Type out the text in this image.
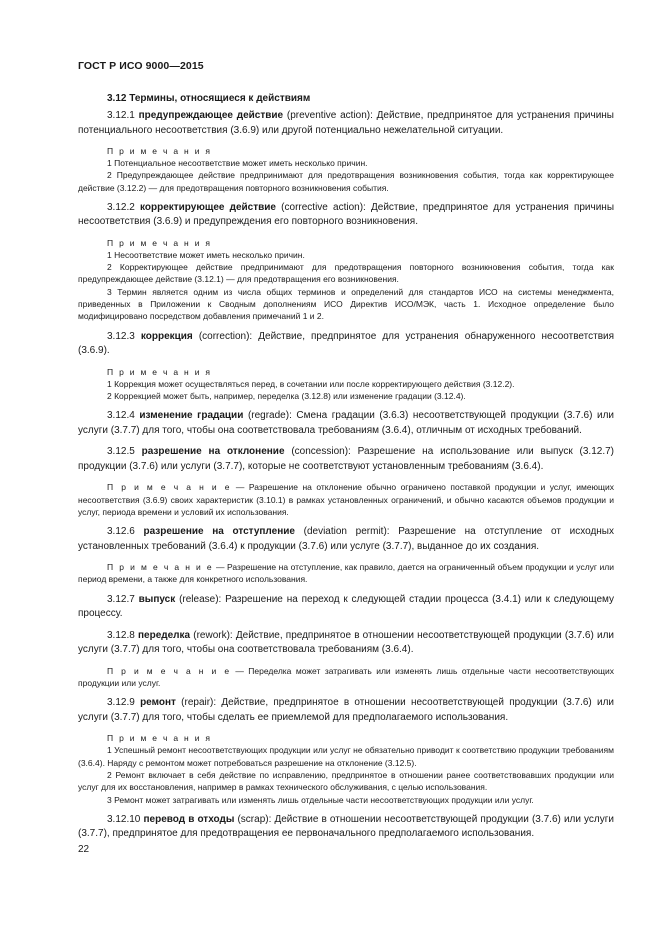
ГОСТ Р ИСО 9000—2015
3.12 Термины, относящиеся к действиям

3.12.1 предупреждающее действие (preventive action): Действие, предпринятое для устранения причины потенциального несоответствия (3.6.9) или другой потенциально нежелательной ситуации.

П р и м е ч а н и я

1 Потенциальное несоответствие может иметь несколько причин.

2 Предупреждающее действие предпринимают для предотвращения возникновения события, тогда как корректирующее действие (3.12.2) — для предотвращения повторного возникновения события.

3.12.2 корректирующее действие (corrective action): Действие, предпринятое для устранения причины несоответствия (3.6.9) и предупреждения его повторного возникновения.

П р и м е ч а н и я

1 Несоответствие может иметь несколько причин.

2 Корректирующее действие предпринимают для предотвращения повторного возникновения события, тогда как предупреждающее действие (3.12.1) — для предотвращения его возникновения.

3 Термин является одним из числа общих терминов и определений для стандартов ИСО на системы менеджмента, приведенных в Приложении к Сводным дополнениям ИСО Директив ИСО/МЭК, часть 1. Исходное определение было модифицировано посредством добавления примечаний 1 и 2.

3.12.3 коррекция (correction): Действие, предпринятое для устранения обнаруженного несоответствия (3.6.9).

П р и м е ч а н и я

1 Коррекция может осуществляться перед, в сочетании или после корректирующего действия (3.12.2).

2 Коррекцией может быть, например, переделка (3.12.8) или изменение градации (3.12.4).

3.12.4 изменение градации (regrade): Смена градации (3.6.3) несоответствующей продукции (3.7.6) или услуги (3.7.7) для того, чтобы она соответствовала требованиям (3.6.4), отличным от исходных требований.

3.12.5 разрешение на отклонение (concession): Разрешение на использование или выпуск (3.12.7) продукции (3.7.6) или услуги (3.7.7), которые не соответствуют установленным требованиям (3.6.4).

П р и м е ч а н и е — Разрешение на отклонение обычно ограничено поставкой продукции и услуг, имеющих несоответствия (3.6.9) своих характеристик (3.10.1) в рамках установленных ограничений, и обычно касаются объемов продукции и услуг, периода времени и условий их использования.

3.12.6 разрешение на отступление (deviation permit): Разрешение на отступление от исходных установленных требований (3.6.4) к продукции (3.7.6) или услуге (3.7.7), выданное до их создания.

П р и м е ч а н и е — Разрешение на отступление, как правило, дается на ограниченный объем продукции и услуг или период времени, а также для конкретного использования.

3.12.7 выпуск (release): Разрешение на переход к следующей стадии процесса (3.4.1) или к следующему процессу.

3.12.8 переделка (rework): Действие, предпринятое в отношении несоответствующей продукции (3.7.6) или услуги (3.7.7) для того, чтобы она соответствовала требованиям (3.6.4).

П р и м е ч а н и е — Переделка может затрагивать или изменять лишь отдельные части несоответствующих продукции или услуг.

3.12.9 ремонт (repair): Действие, предпринятое в отношении несоответствующей продукции (3.7.6) или услуги (3.7.7) для того, чтобы сделать ее приемлемой для предполагаемого использования.

П р и м е ч а н и я

1 Успешный ремонт несоответствующих продукции или услуг не обязательно приводит к соответствию продукции требованиям (3.6.4). Наряду с ремонтом может потребоваться разрешение на отклонение (3.12.5).

2 Ремонт включает в себя действие по исправлению, предпринятое в отношении ранее соответствовавших продукции или услуг для их восстановления, например в рамках технического обслуживания, с целью использования.

3 Ремонт может затрагивать или изменять лишь отдельные части несоответствующих продукции или услуг.

3.12.10 перевод в отходы (scrap): Действие в отношении несоответствующей продукции (3.7.6) или услуги (3.7.7), предпринятое для предотвращения ее первоначального предполагаемого использования.

22
